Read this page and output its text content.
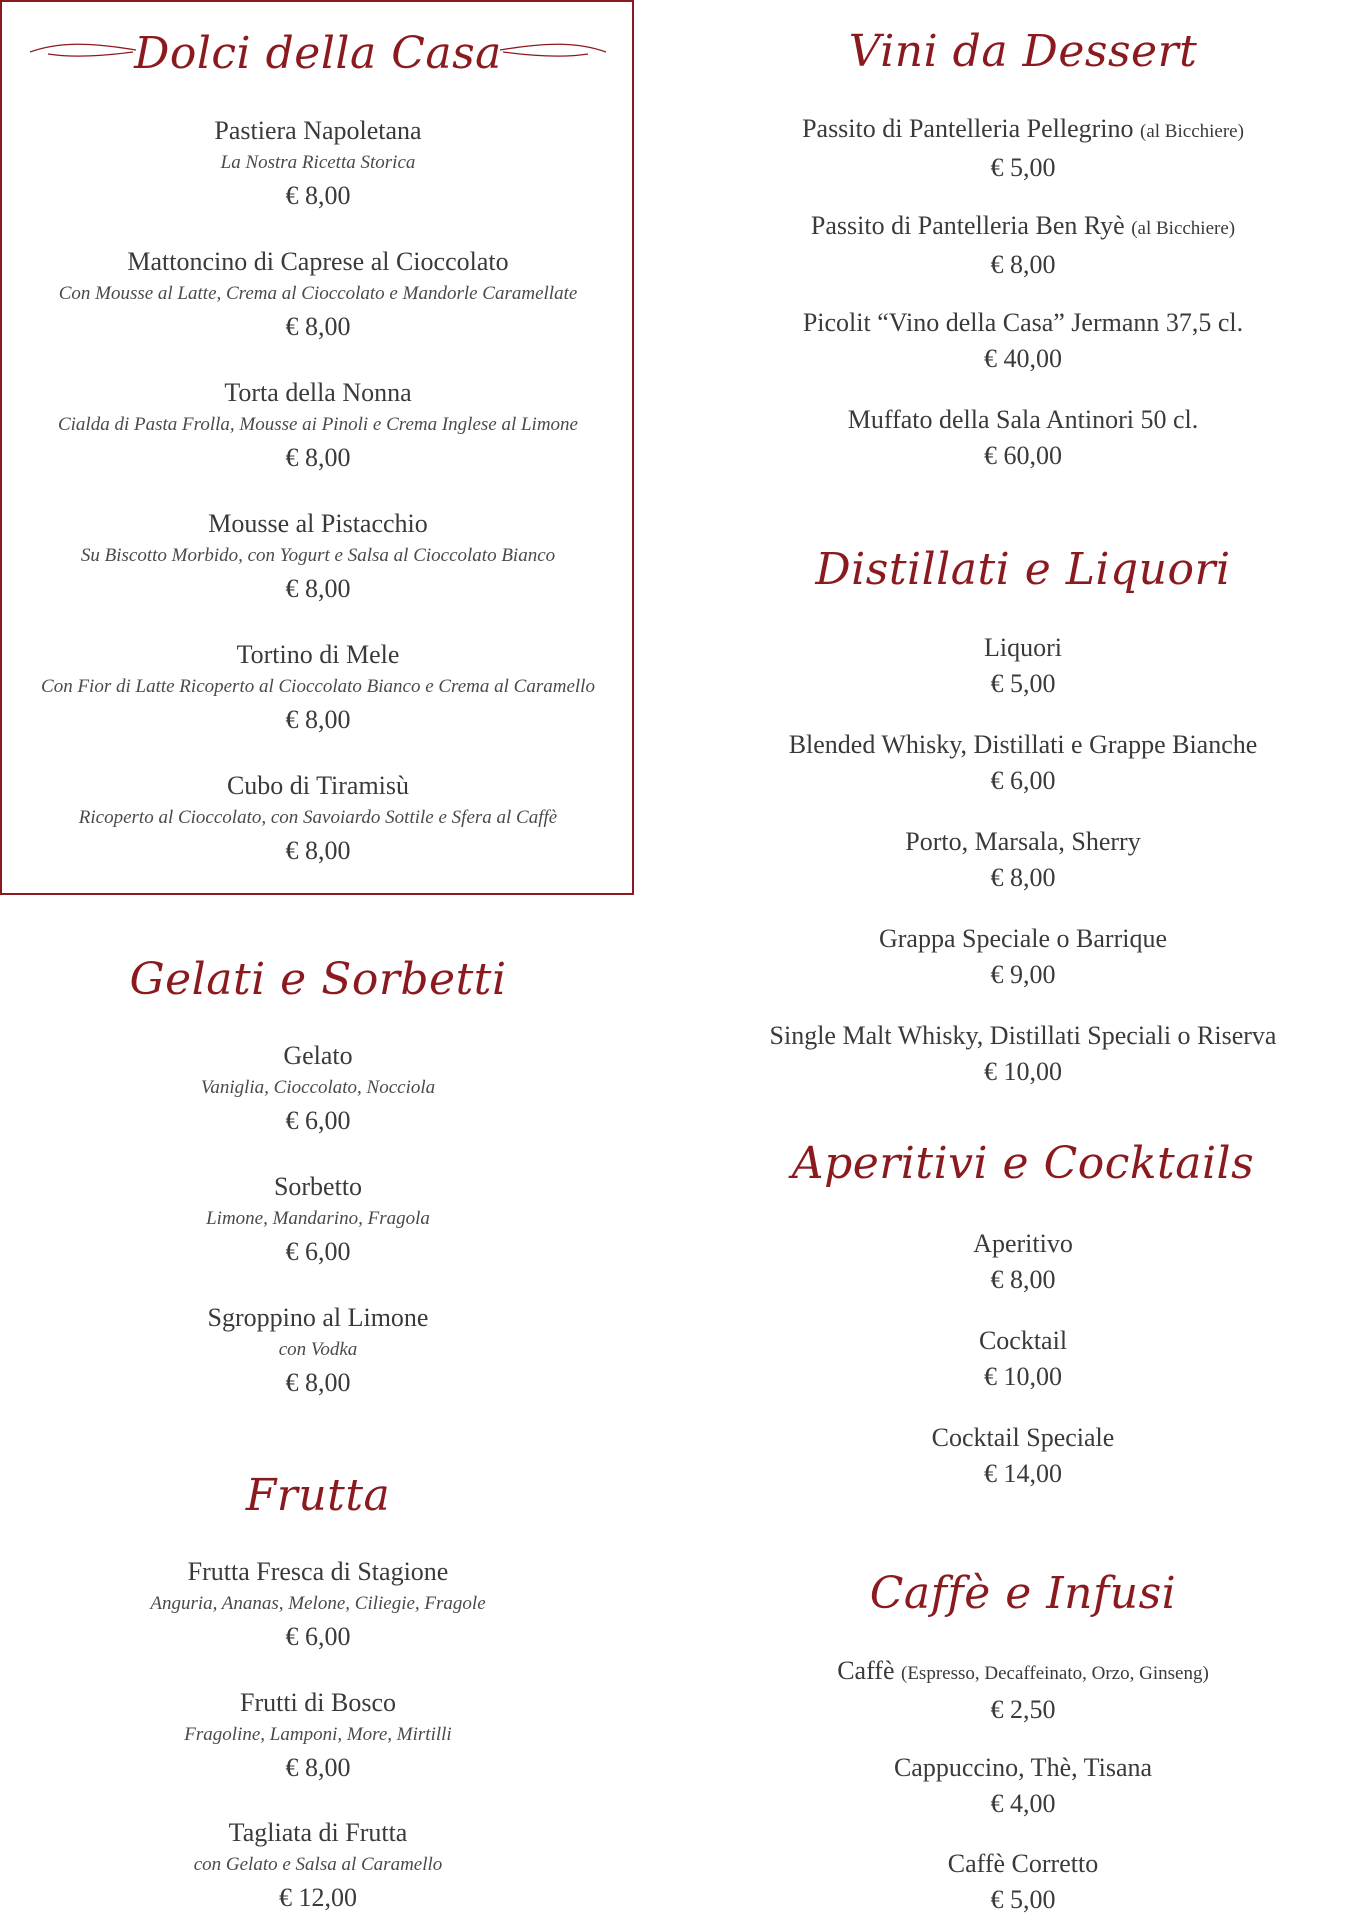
Dolci della Casa
Pastiera Napoletana
La Nostra Ricetta Storica
€ 8,00
Mattoncino di Caprese al Cioccolato
Con Mousse al Latte, Crema al Cioccolato e Mandorle Caramellate
€ 8,00
Torta della Nonna
Cialda di Pasta Frolla, Mousse ai Pinoli e Crema Inglese al Limone
€ 8,00
Mousse al Pistacchio
Su Biscotto Morbido, con Yogurt e Salsa al Cioccolato Bianco
€ 8,00
Tortino di Mele
Con Fior di Latte Ricoperto al Cioccolato Bianco e Crema al Caramello
€ 8,00
Cubo di Tiramisù
Ricoperto al Cioccolato, con Savoiardo Sottile e Sfera al Caffè
€ 8,00
Gelati e Sorbetti
Gelato
Vaniglia, Cioccolato, Nocciola
€ 6,00
Sorbetto
Limone, Mandarino, Fragola
€ 6,00
Sgroppino al Limone
con Vodka
€ 8,00
Frutta
Frutta Fresca di Stagione
Anguria, Ananas, Melone, Ciliegie, Fragole
€ 6,00
Frutti di Bosco
Fragoline, Lamponi, More, Mirtilli
€ 8,00
Tagliata di Frutta
con Gelato e Salsa al Caramello
€ 12,00
Vini da Dessert
Passito di Pantelleria Pellegrino (al Bicchiere)
€ 5,00
Passito di Pantelleria Ben Ryè (al Bicchiere)
€ 8,00
Picolit “Vino della Casa” Jermann 37,5 cl.
€ 40,00
Muffato della Sala Antinori 50 cl.
€ 60,00
Distillati e Liquori
Liquori
€ 5,00
Blended Whisky, Distillati e Grappe Bianche
€ 6,00
Porto, Marsala, Sherry
€ 8,00
Grappa Speciale o Barrique
€ 9,00
Single Malt Whisky, Distillati Speciali o Riserva
€ 10,00
Aperitivi e Cocktails
Aperitivo
€ 8,00
Cocktail
€ 10,00
Cocktail Speciale
€ 14,00
Caffè e Infusi
Caffè (Espresso, Decaffeinato, Orzo, Ginseng)
€ 2,50
Cappuccino, Thè, Tisana
€ 4,00
Caffè Corretto
€ 5,00
